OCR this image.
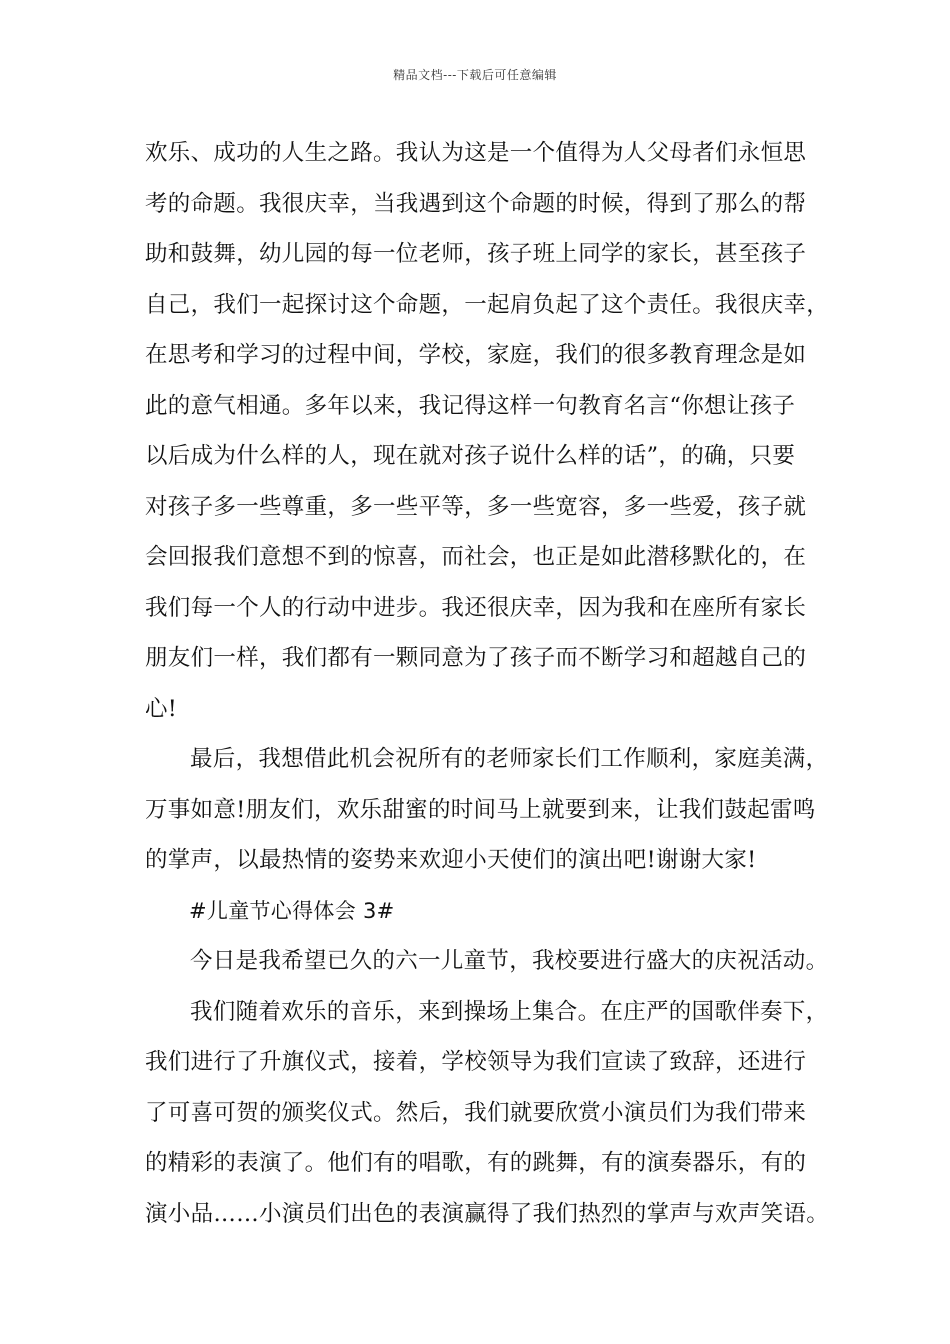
精品文档---下载后可任意编辑
欢乐、成功的人生之路。我认为这是一个值得为人父母者们永恒思
考的命题。我很庆幸，当我遇到这个命题的时候，得到了那么的帮
助和鼓舞，幼儿园的每一位老师，孩子班上同学的家长，甚至孩子
自己，我们一起探讨这个命题，一起肩负起了这个责任。我很庆幸，
在思考和学习的过程中间，学校，家庭，我们的很多教育理念是如
此的意气相通。多年以来，我记得这样一句教育名言“你想让孩子
以后成为什么样的人，现在就对孩子说什么样的话”，的确，只要
对孩子多一些尊重，多一些平等，多一些宽容，多一些爱，孩子就
会回报我们意想不到的惊喜，而社会，也正是如此潜移默化的，在
我们每一个人的行动中进步。我还很庆幸，因为我和在座所有家长
朋友们一样，我们都有一颗同意为了孩子而不断学习和超越自己的
心!
最后，我想借此机会祝所有的老师家长们工作顺利，家庭美满，
万事如意!朋友们，欢乐甜蜜的时间马上就要到来，让我们鼓起雷鸣
的掌声，以最热情的姿势来欢迎小天使们的演出吧!谢谢大家!
#儿童节心得体会 3#
今日是我希望已久的六一儿童节，我校要进行盛大的庆祝活动。
我们随着欢乐的音乐，来到操场上集合。在庄严的国歌伴奏下，
我们进行了升旗仪式，接着，学校领导为我们宣读了致辞，还进行
了可喜可贺的颁奖仪式。然后，我们就要欣赏小演员们为我们带来
的精彩的表演了。他们有的唱歌，有的跳舞，有的演奏器乐，有的
演小品……小演员们出色的表演赢得了我们热烈的掌声与欢声笑语。
